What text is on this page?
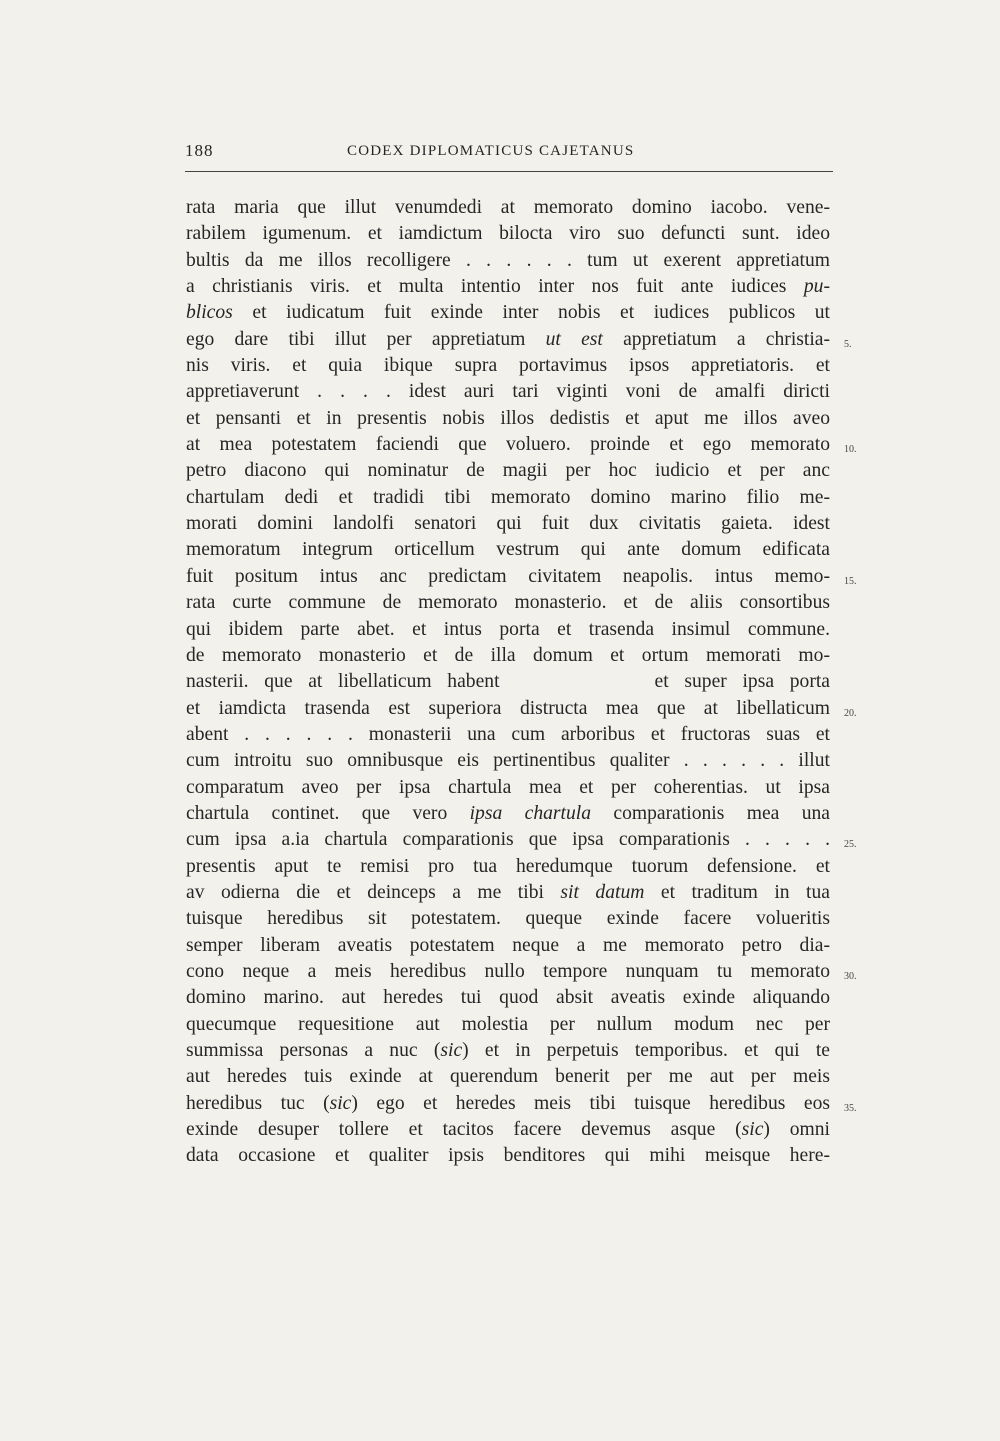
188	CODEX DIPLOMATICUS CAJETANUS
rata maria que illut venumdedi at memorato domino iacobo. vene-
rabilem igumenum. et iamdictum bilocta viro suo defuncti sunt. ideo
bultis da me illos recolligere . . . . . . tum ut exerent appretiatum
a christianis viris. et multa intentio inter nos fuit ante iudices pu-
blicos et iudicatum fuit exinde inter nobis et iudices publicos ut
ego dare tibi illut per appretiatum ut est appretiatum a christia-
nis viris. et quia ibique supra portavimus ipsos appretiatoris. et
appretiaverunt . . . . idest auri tari viginti voni de amalfi diricti
et pensanti et in presentis nobis illos dedistis et aput me illos aveo
at mea potestatem faciendi que voluero. proinde et ego memorato
petro diacono qui nominatur de magii per hoc iudicio et per anc
chartulam dedi et tradidi tibi memorato domino marino filio me-
morati domini landolfi senatori qui fuit dux civitatis gaieta. idest
memoratum integrum orticellum vestrum qui ante domum edificata
fuit positum intus anc predictam civitatem neapolis. intus memo-
rata curte commune de memorato monasterio. et de aliis consortibus
qui ibidem parte abet. et intus porta et trasenda insimul commune.
de memorato monasterio et de illa domum et ortum memorati mo-
nasterii. que at libellaticum habent	et super ipsa porta
et iamdicta trasenda est superiora distructa mea que at libellaticum
abent . . . . . . monasterii una cum arboribus et fructoras suas et
cum introitu suo omnibusque eis pertinentibus qualiter . . . . . . illut
comparatum aveo per ipsa chartula mea et per coherentias. ut ipsa
chartula continet. que vero ipsa chartula comparationis mea una
cum ipsa a.ia chartula comparationis que ipsa comparationis . . . . .
presentis aput te remisi pro tua heredumque tuorum defensione. et
av odierna die et deinceps a me tibi sit datum et traditum in tua
tuisque heredibus sit potestatem. queque exinde facere volueritis
semper liberam aveatis potestatem neque a me memorato petro dia-
cono neque a meis heredibus nullo tempore nunquam tu memorato
domino marino. aut heredes tui quod absit aveatis exinde aliquando
quecumque requesitione aut molestia per nullum modum nec per
summissa personas a nuc (sic) et in perpetuis temporibus. et qui te
aut heredes tuis exinde at querendum benerit per me aut per meis
heredibus tuc (sic) ego et heredes meis tibi tuisque heredibus eos
exinde desuper tollere et tacitos facere devemus asque (sic) omni
data occasione et qualiter ipsis benditores qui mihi meisque here-
5.
10.
15.
20.
25.
30.
35.
